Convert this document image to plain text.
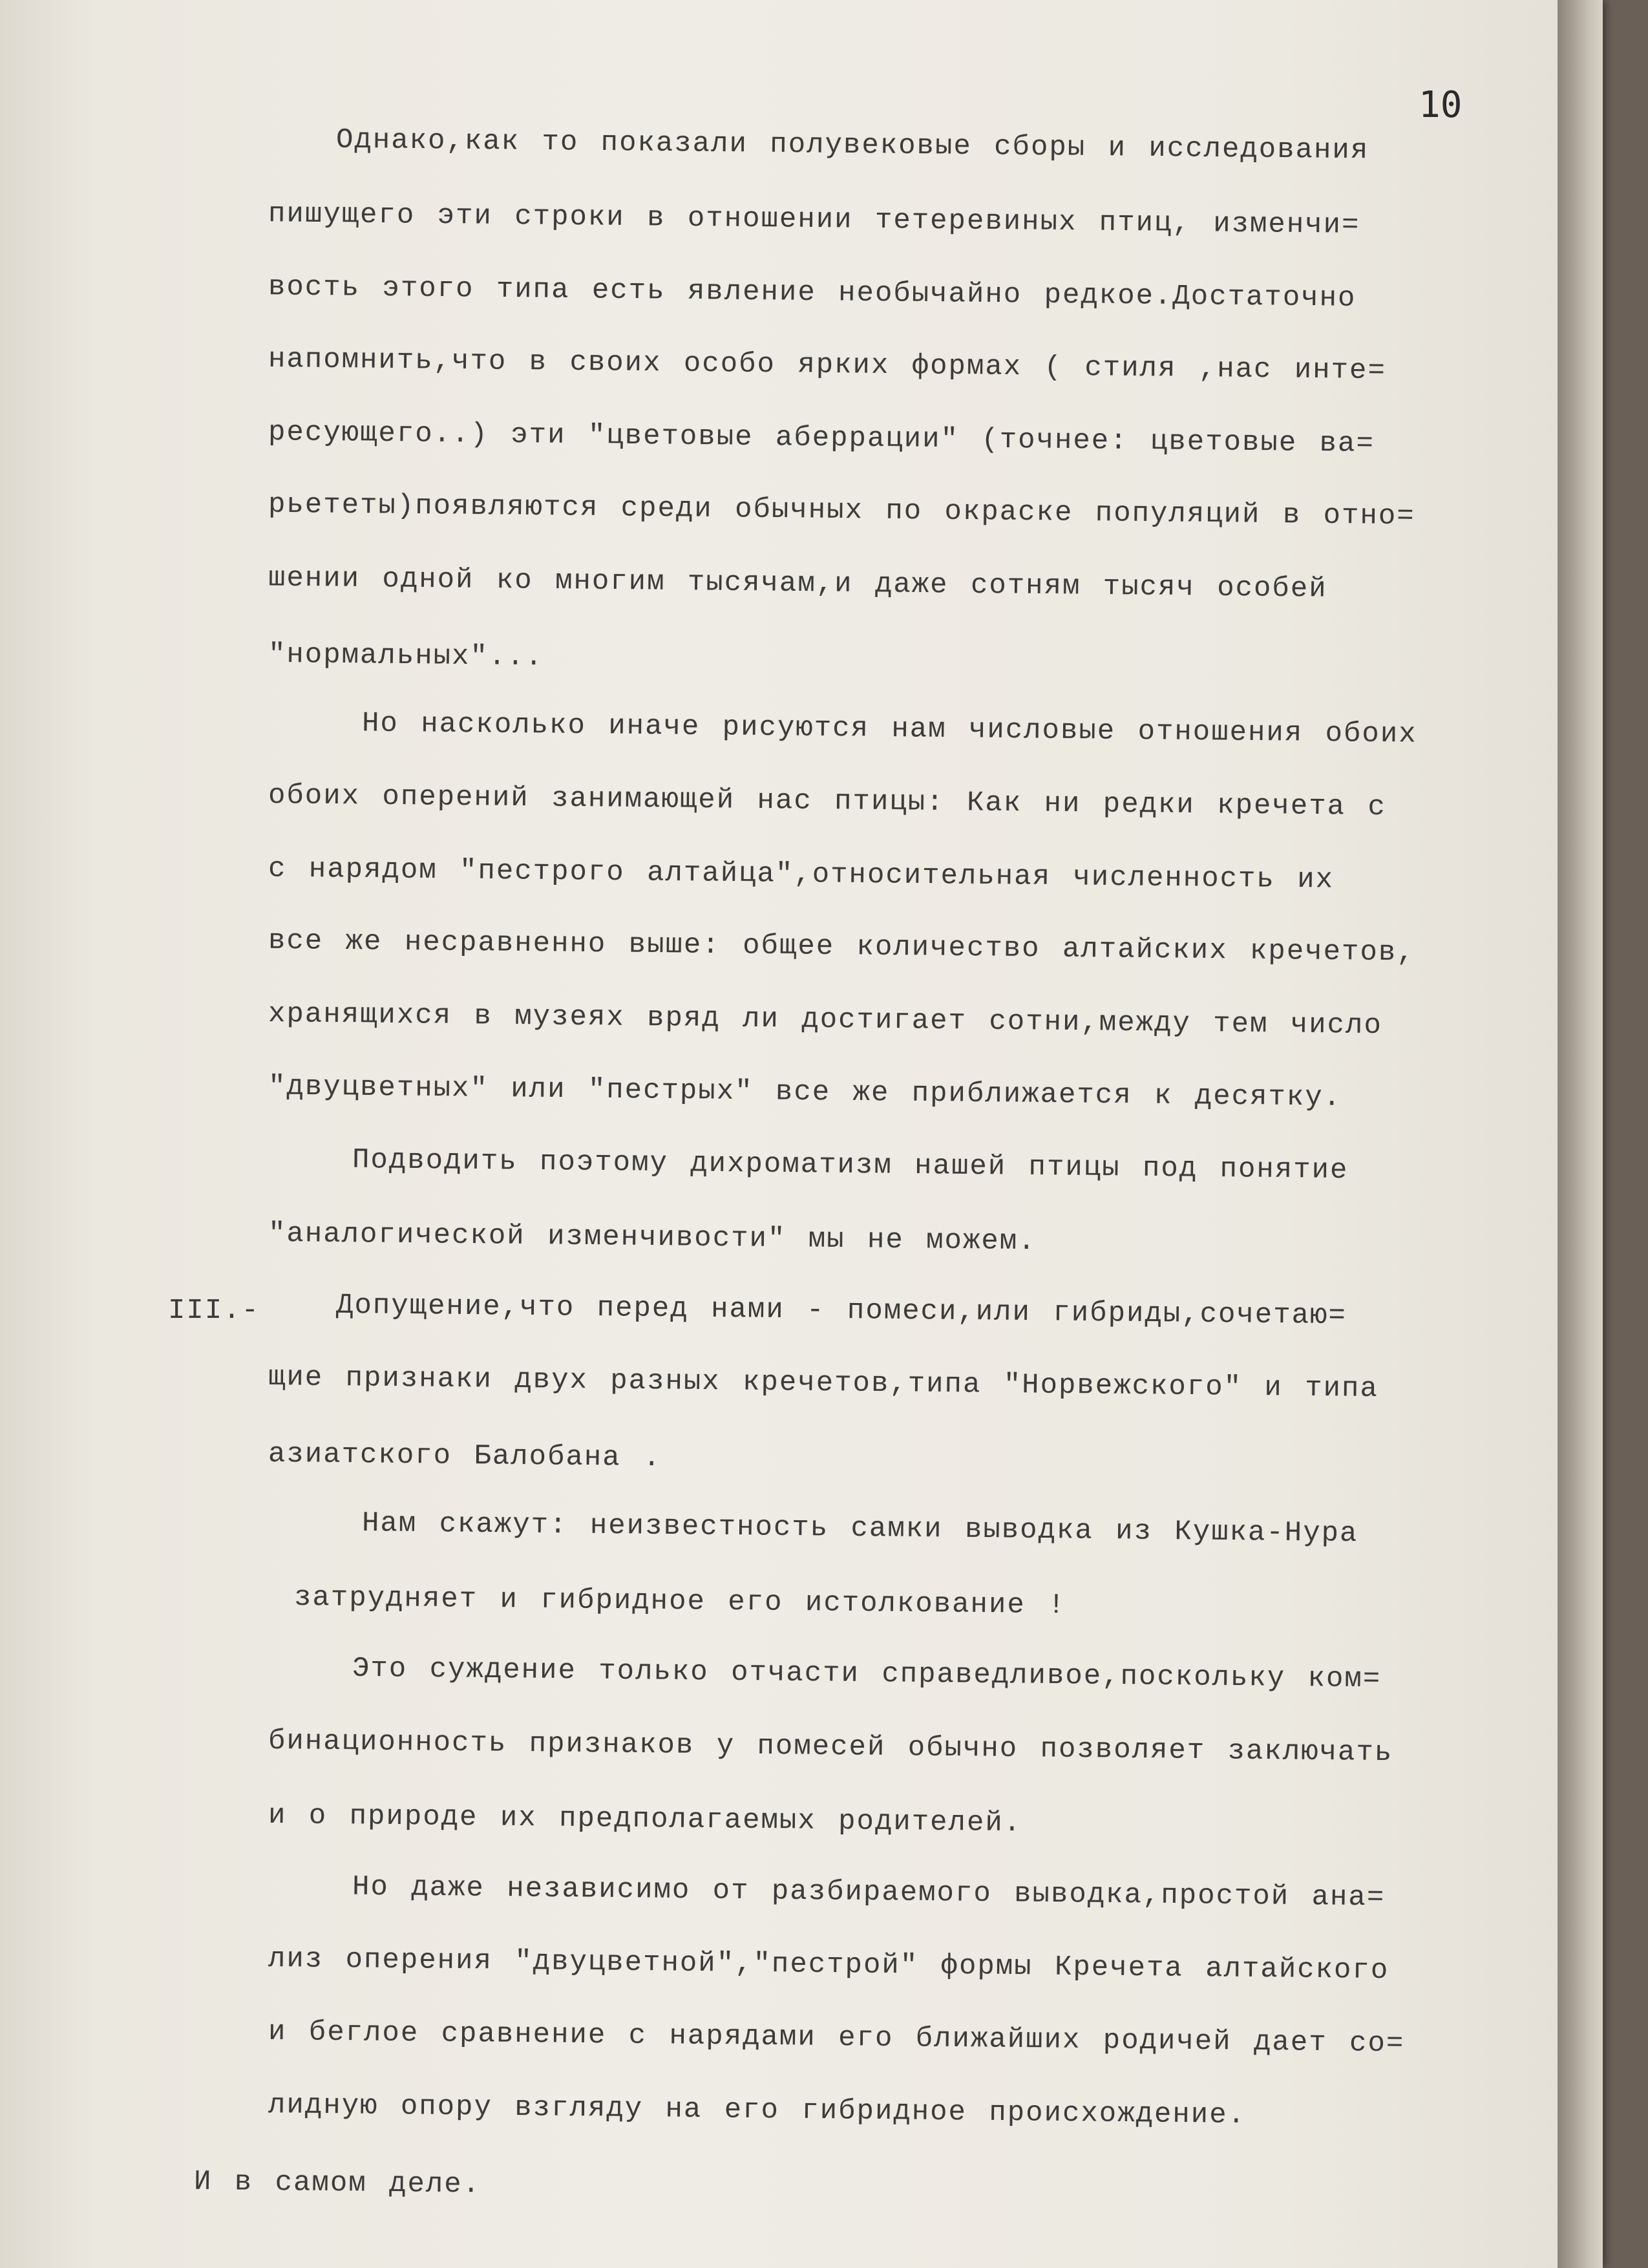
10
Однако,как то показали полувековые сборы и исследования
пишущего эти строки в отношении тетеревиных птиц, изменчи=
вость этого типа есть явление необычайно редкое.Достаточно
напомнить,что в своих особо ярких формах ( стиля ,нас инте=
ресующего..) эти "цветовые аберрации" (точнее: цветовые ва=
рьететы)появляются среди обычных по окраске популяций в отно=
шении одной ко многим тысячам,и даже сотням тысяч особей
"нормальных"...
Но насколько иначе рисуются нам числовые отношения обоих
обоих оперений занимающей нас птицы: Как ни редки кречета с
с нарядом "пестрого алтайца",относительная численность их
все же несравненно выше: общее количество алтайских кречетов,
хранящихся в музеях вряд ли достигает сотни,между тем число
"двуцветных" или "пестрых" все же приближается к десятку.
Подводить поэтому дихроматизм нашей птицы под понятие
"аналогической изменчивости" мы не можем.
III.-	Допущение,что перед нами - помеси,или гибриды,сочетаю=
щие признаки двух разных кречетов,типа "Норвежского" и типа
азиатского Балобана .
Нам скажут: неизвестность самки выводка из Кушка-Нура
затрудняет и гибридное его истолкование !
Это суждение только отчасти справедливое,поскольку ком=
бинационность признаков у помесей обычно позволяет заключать
и о природе их предполагаемых родителей.
Но даже независимо от разбираемого выводка,простой ана=
лиз оперения "двуцветной","пестрой" формы Кречета алтайского
и беглое сравнение с нарядами его ближайших родичей дает со=
лидную опору взгляду на его гибридное происхождение.
И в самом деле.
